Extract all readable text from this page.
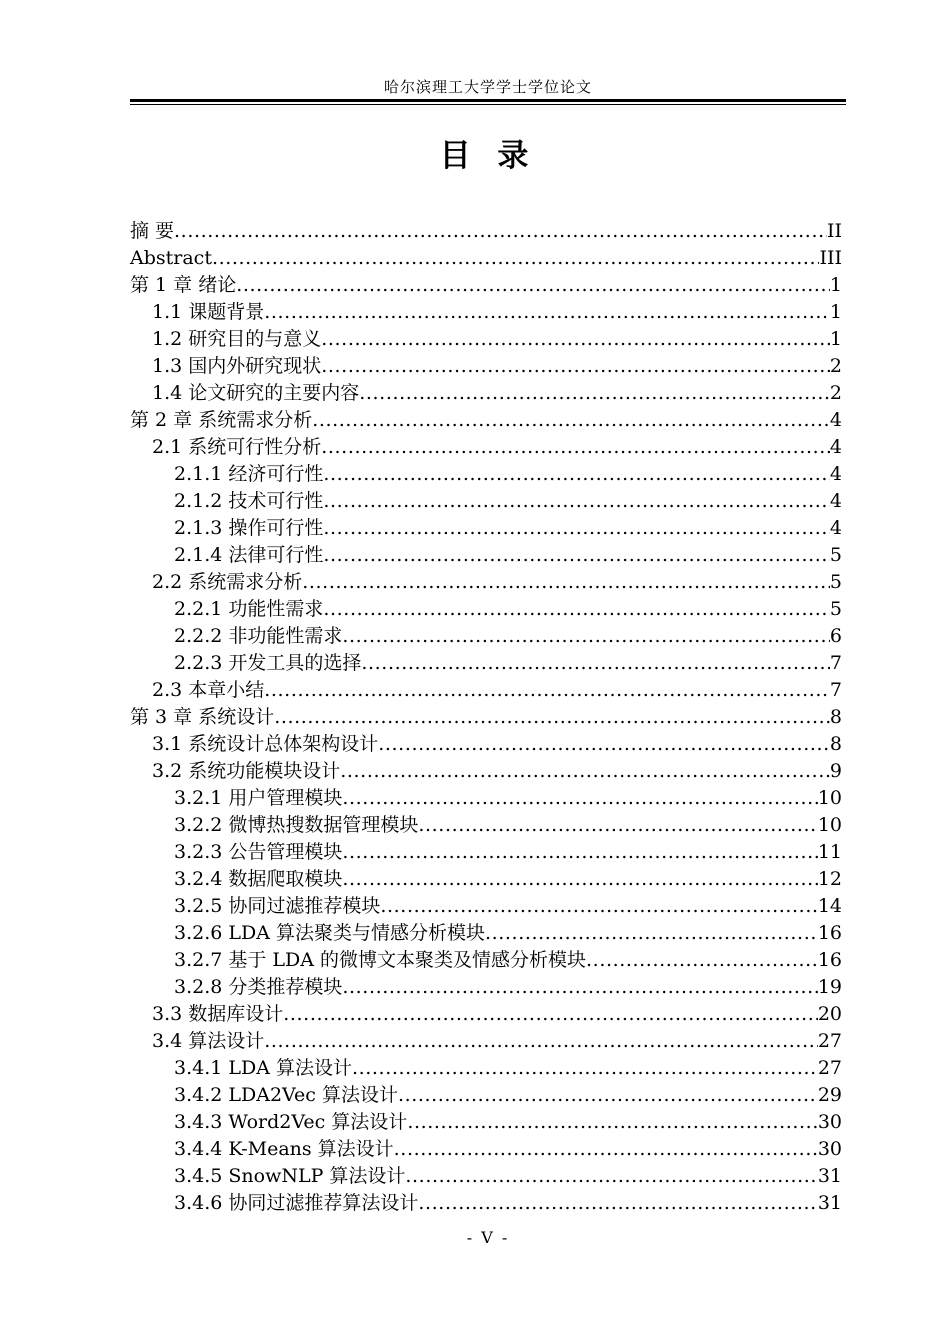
哈尔滨理工大学学士学位论文
目 录
摘 要 .....	II
Abstract .....	III
第 1 章 绪论 .....	1
1.1 课题背景 .....	1
1.2 研究目的与意义 .....	1
1.3 国内外研究现状 .....	2
1.4 论文研究的主要内容 .....	2
第 2 章 系统需求分析 .....	4
2.1 系统可行性分析 .....	4
2.1.1 经济可行性 .....	4
2.1.2 技术可行性 .....	4
2.1.3 操作可行性 .....	4
2.1.4 法律可行性 .....	5
2.2 系统需求分析 .....	5
2.2.1 功能性需求 .....	5
2.2.2 非功能性需求 .....	6
2.2.3 开发工具的选择 .....	7
2.3 本章小结 .....	7
第 3 章 系统设计 .....	8
3.1 系统设计总体架构设计 .....	8
3.2 系统功能模块设计 .....	9
3.2.1 用户管理模块 .....	10
3.2.2 微博热搜数据管理模块 .....	10
3.2.3 公告管理模块 .....	11
3.2.4 数据爬取模块 .....	12
3.2.5 协同过滤推荐模块 .....	14
3.2.6 LDA 算法聚类与情感分析模块 .....	16
3.2.7 基于 LDA 的微博文本聚类及情感分析模块 .....	16
3.2.8 分类推荐模块 .....	19
3.3 数据库设计 .....	20
3.4 算法设计 .....	27
3.4.1 LDA 算法设计 .....	27
3.4.2 LDA2Vec 算法设计 .....	29
3.4.3 Word2Vec 算法设计 .....	30
3.4.4 K-Means 算法设计 .....	30
3.4.5 SnowNLP 算法设计 .....	31
3.4.6 协同过滤推荐算法设计 .....	31
- V -
